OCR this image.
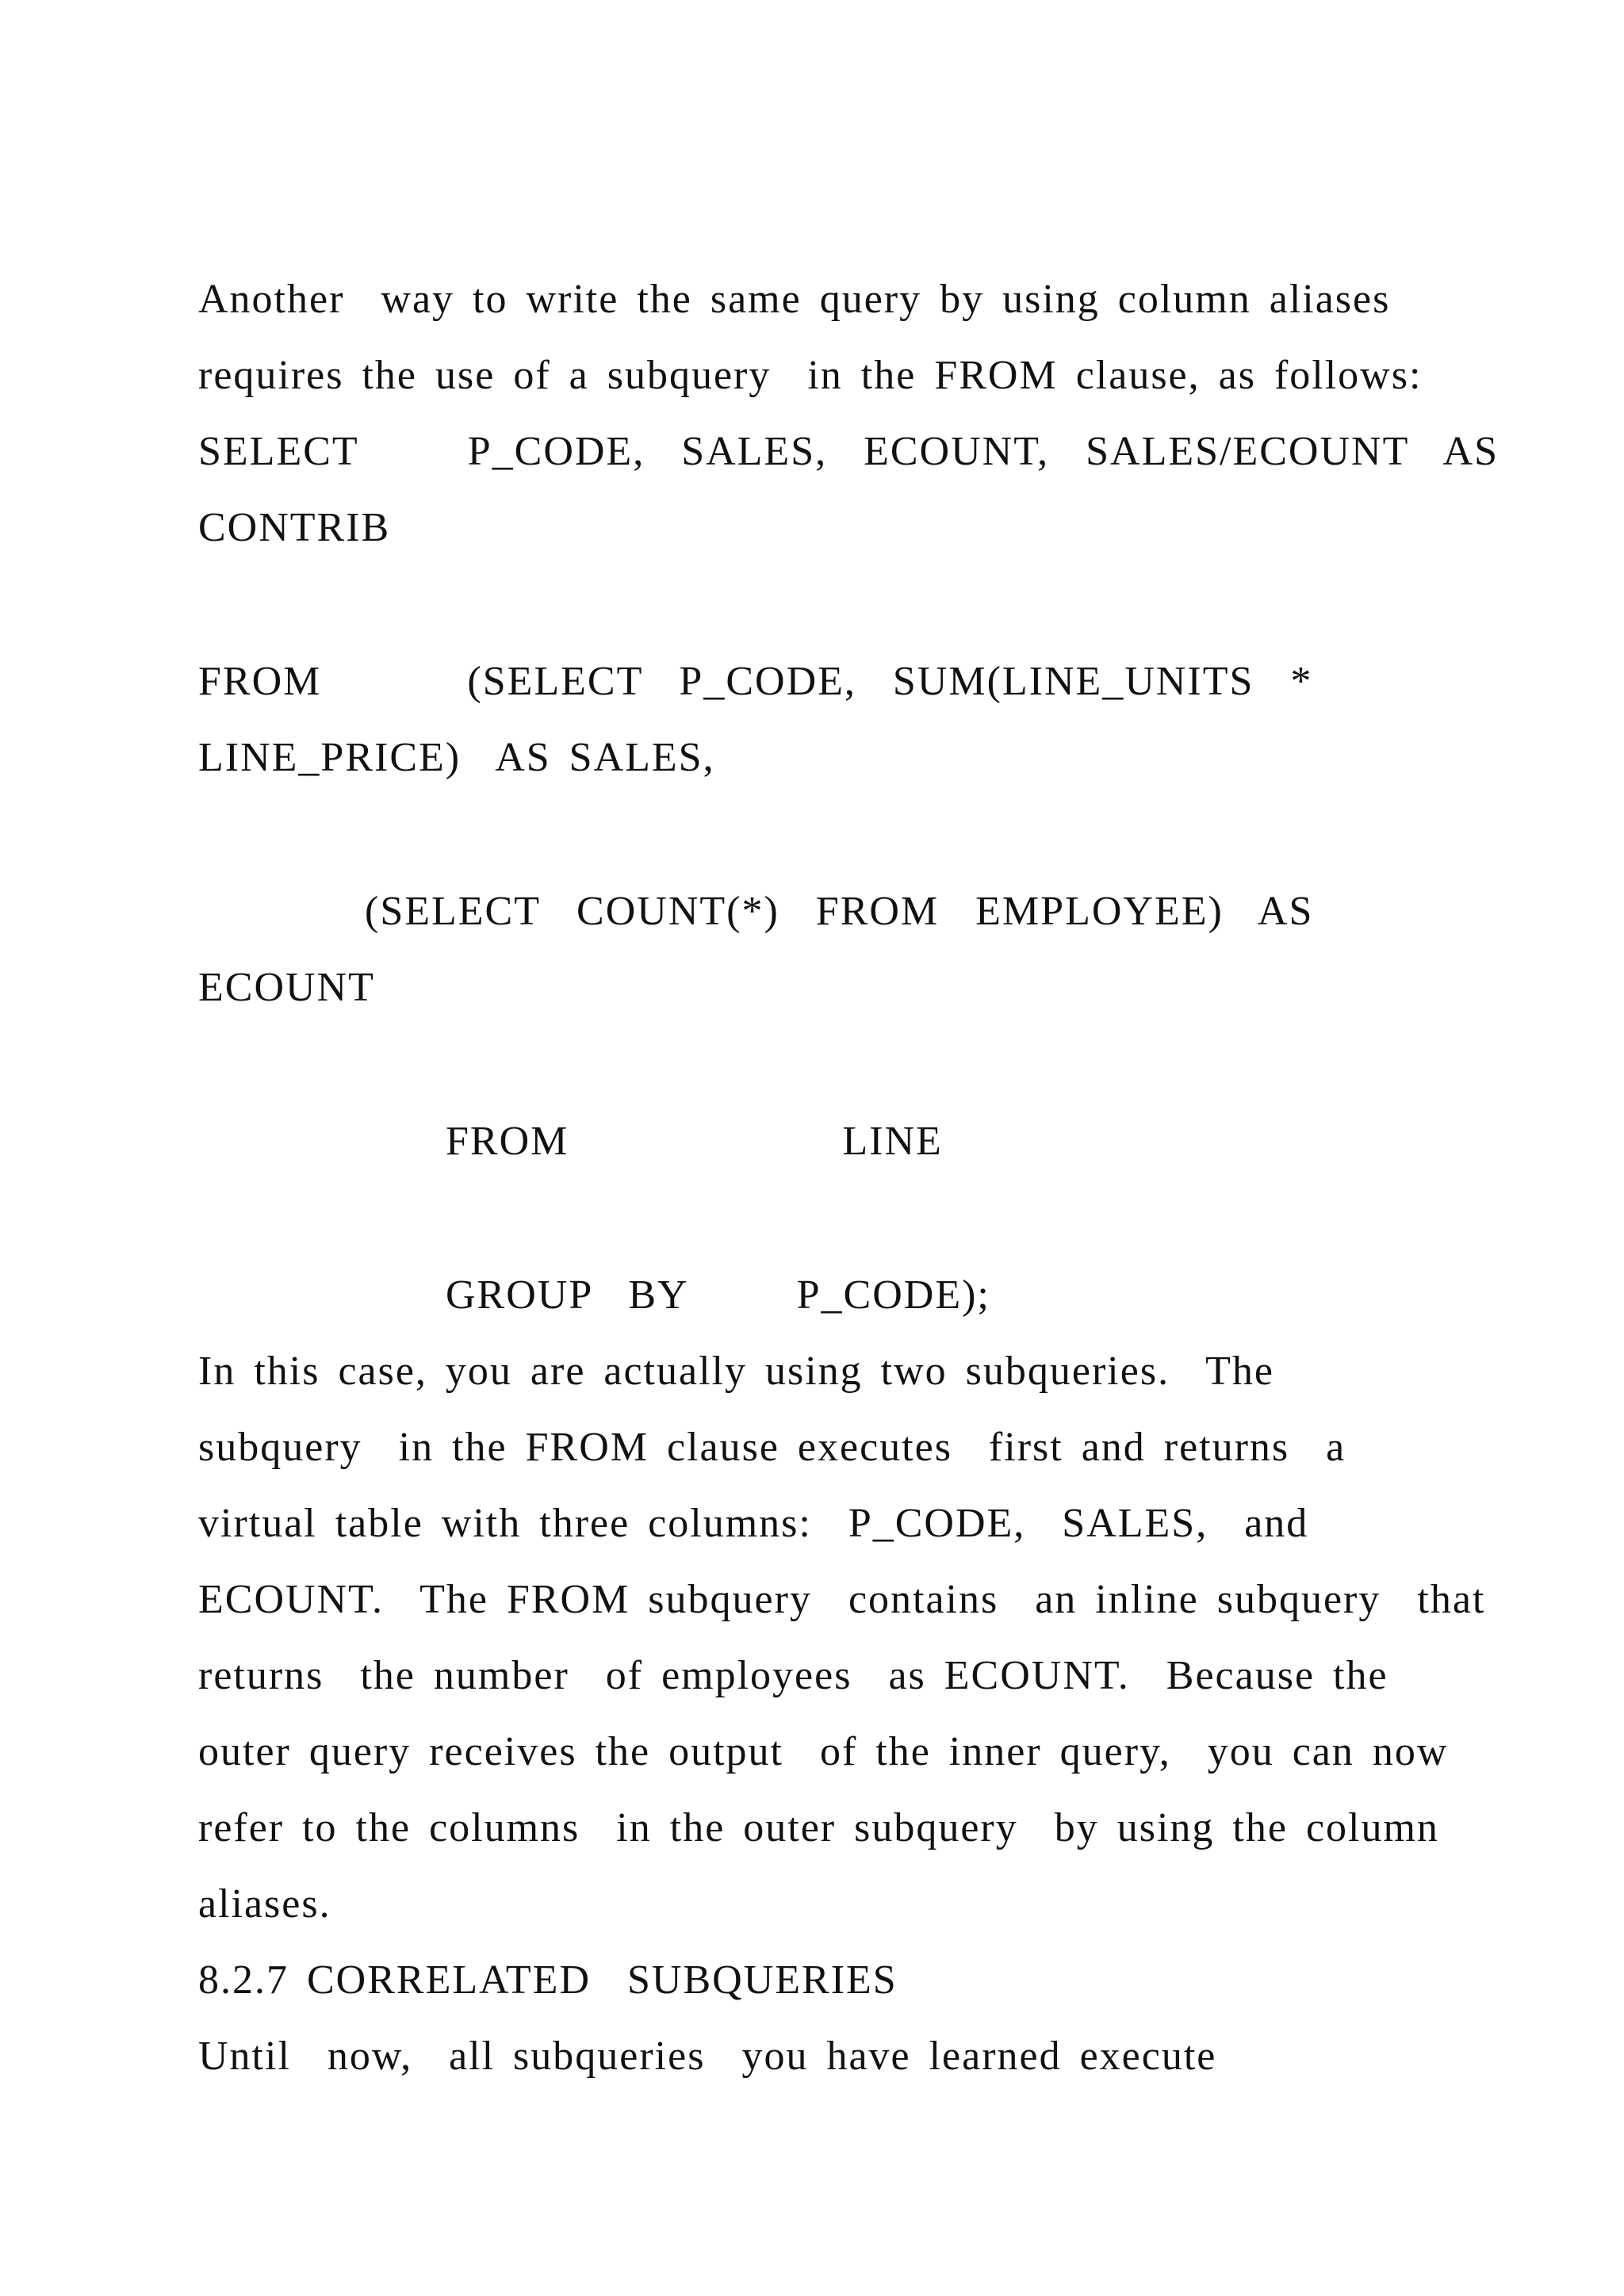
Another  way to write the same query by using column aliases
requires the use of a subquery  in the FROM clause, as follows:
SELECT      P_CODE,  SALES,  ECOUNT,  SALES/ECOUNT  AS
CONTRIB
FROM        (SELECT  P_CODE,  SUM(LINE_UNITS  *
LINE_PRICE)  AS SALES,
(SELECT  COUNT(*)  FROM  EMPLOYEE)  AS
ECOUNT
FROM               LINE
GROUP  BY      P_CODE);
In this case, you are actually using two subqueries.  The
subquery  in the FROM clause executes  first and returns  a
virtual table with three columns:  P_CODE,  SALES,  and
ECOUNT.  The FROM subquery  contains  an inline subquery  that
returns  the number  of employees  as ECOUNT.  Because the
outer query receives the output  of the inner query,  you can now
refer to the columns  in the outer subquery  by using the column
aliases.
8.2.7 CORRELATED  SUBQUERIES
Until  now,  all subqueries  you have learned execute
